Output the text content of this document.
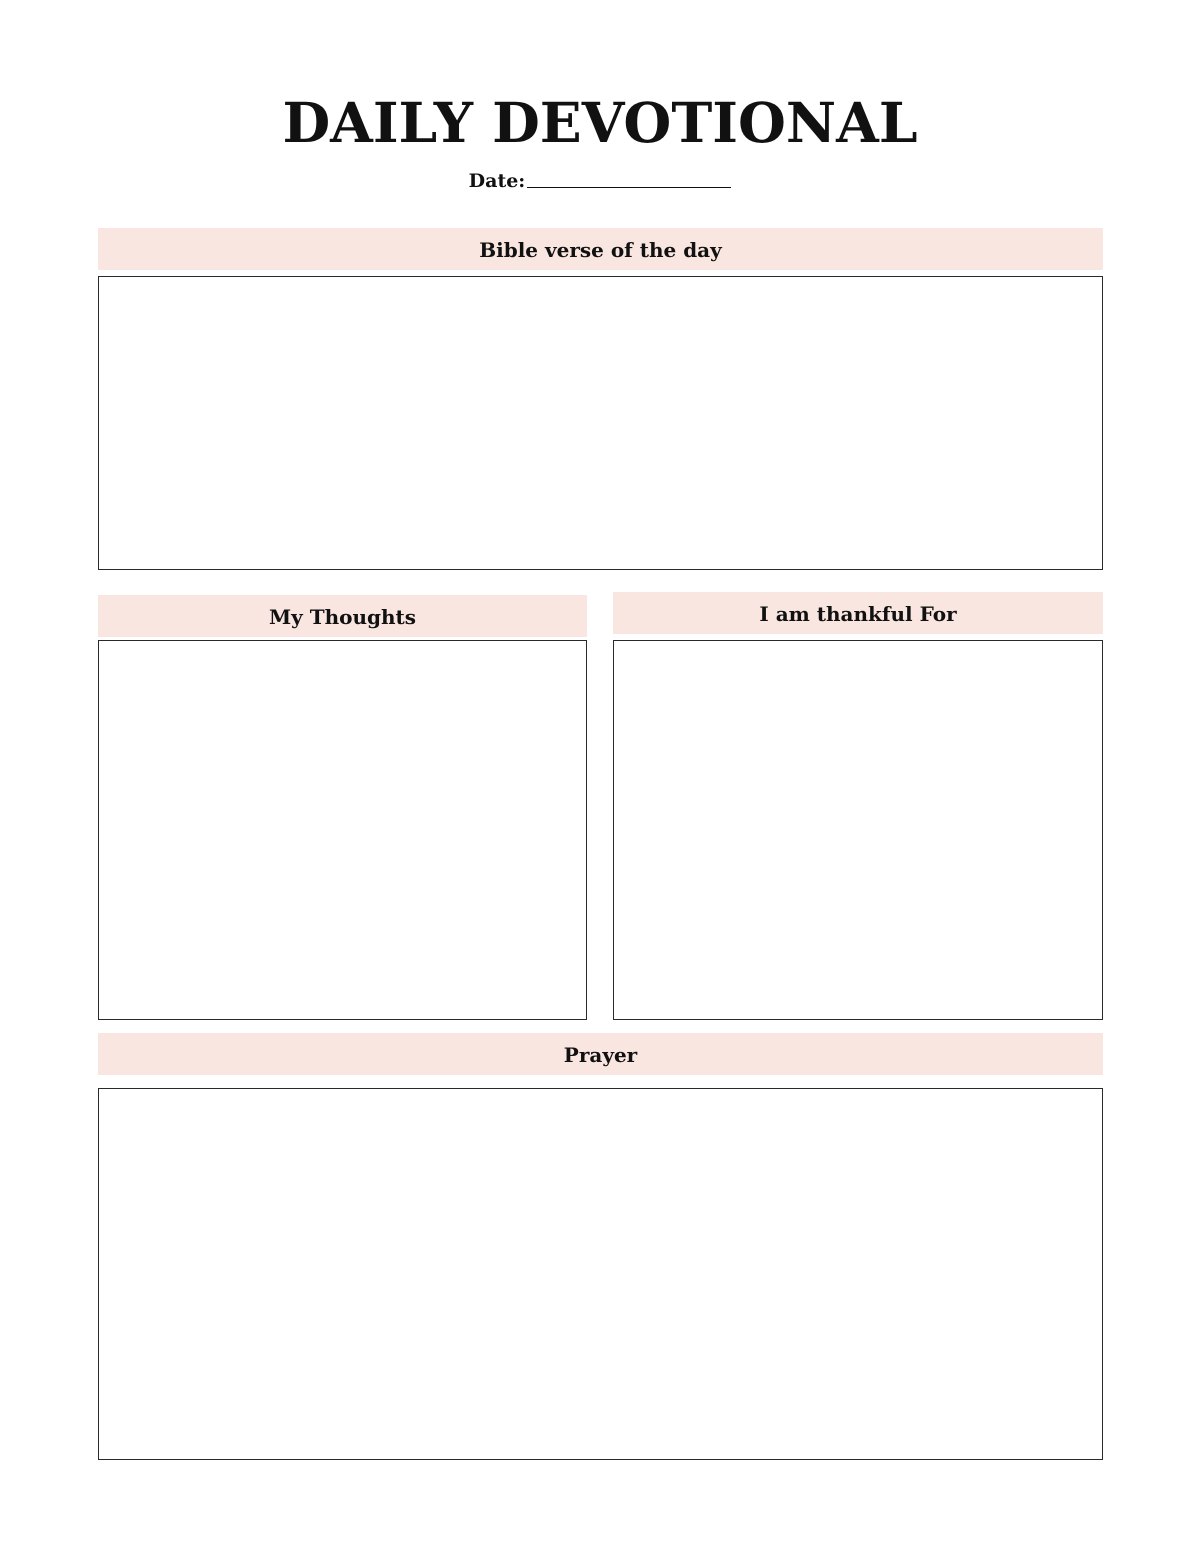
DAILY DEVOTIONAL
Date:
Bible verse of the day
My Thoughts	I am thankful For
Prayer
